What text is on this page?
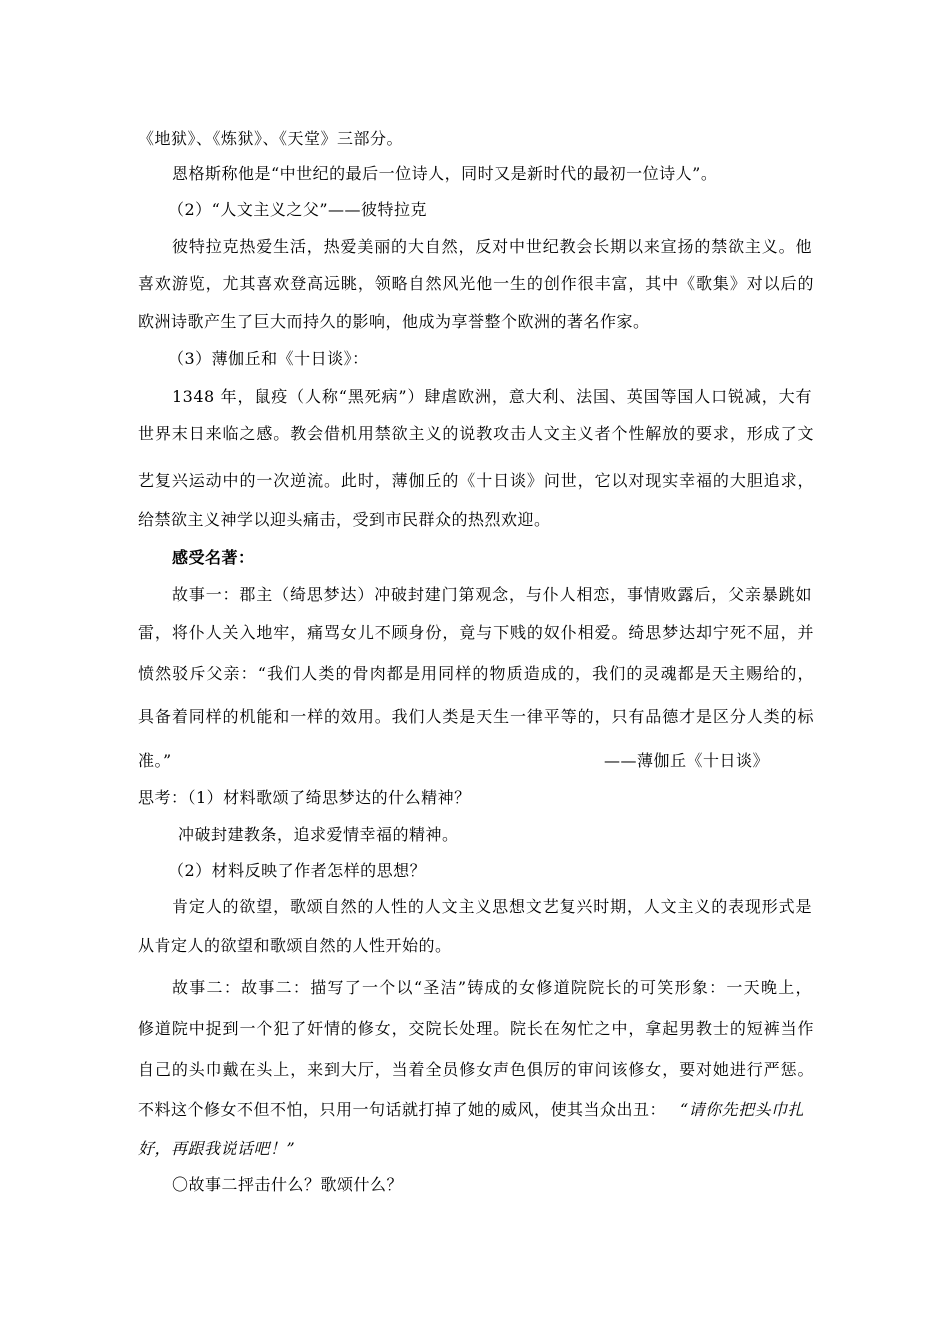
《地狱》、《炼狱》、《天堂》三部分。
恩格斯称他是“中世纪的最后一位诗人，同时又是新时代的最初一位诗人”。
（2）“人文主义之父”——彼特拉克
彼特拉克热爱生活，热爱美丽的大自然，反对中世纪教会长期以来宣扬的禁欲主义。他
喜欢游览，尤其喜欢登高远眺，领略自然风光他一生的创作很丰富，其中《歌集》对以后的
欧洲诗歌产生了巨大而持久的影响，他成为享誉整个欧洲的著名作家。
（3）薄伽丘和《十日谈》：
1348 年，鼠疫（人称“黑死病”）肆虐欧洲，意大利、法国、英国等国人口锐减，大有
世界末日来临之感。教会借机用禁欲主义的说教攻击人文主义者个性解放的要求，形成了文
艺复兴运动中的一次逆流。此时，薄伽丘的《十日谈》问世，它以对现实幸福的大胆追求，
给禁欲主义神学以迎头痛击，受到市民群众的热烈欢迎。
感受名著：
故事一：郡主（绮思梦达）冲破封建门第观念，与仆人相恋，事情败露后，父亲暴跳如
雷，将仆人关入地牢，痛骂女儿不顾身份，竟与下贱的奴仆相爱。绮思梦达却宁死不屈，并
愤然驳斥父亲：“我们人类的骨肉都是用同样的物质造成的，我们的灵魂都是天主赐给的，
具备着同样的机能和一样的效用。我们人类是天生一律平等的，只有品德才是区分人类的标
准。”	——薄伽丘《十日谈》
思考：（1）材料歌颂了绮思梦达的什么精神？
冲破封建教条，追求爱情幸福的精神。
（2）材料反映了作者怎样的思想？
肯定人的欲望，歌颂自然的人性的人文主义思想文艺复兴时期，人文主义的表现形式是
从肯定人的欲望和歌颂自然的人性开始的。
故事二：故事二：描写了一个以“圣洁”铸成的女修道院院长的可笑形象：一天晚上，
修道院中捉到一个犯了奸情的修女，交院长处理。院长在匆忙之中，拿起男教士的短裤当作
自己的头巾戴在头上，来到大厅，当着全员修女声色俱厉的审问该修女，要对她进行严惩。
不料这个修女不但不怕，只用一句话就打掉了她的威风，使其当众出丑： “请你先把头巾扎
好，再跟我说话吧！”
〇故事二抨击什么？歌颂什么？
